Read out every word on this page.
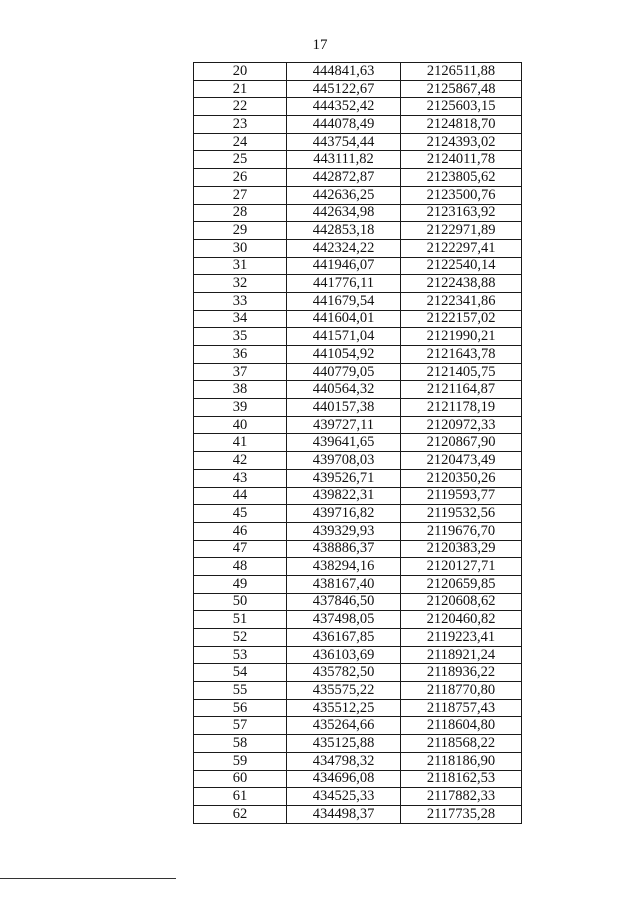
17
20	444841,63	2126511,88
21	445122,67	2125867,48
22	444352,42	2125603,15
23	444078,49	2124818,70
24	443754,44	2124393,02
25	443111,82	2124011,78
26	442872,87	2123805,62
27	442636,25	2123500,76
28	442634,98	2123163,92
29	442853,18	2122971,89
30	442324,22	2122297,41
31	441946,07	2122540,14
32	441776,11	2122438,88
33	441679,54	2122341,86
34	441604,01	2122157,02
35	441571,04	2121990,21
36	441054,92	2121643,78
37	440779,05	2121405,75
38	440564,32	2121164,87
39	440157,38	2121178,19
40	439727,11	2120972,33
41	439641,65	2120867,90
42	439708,03	2120473,49
43	439526,71	2120350,26
44	439822,31	2119593,77
45	439716,82	2119532,56
46	439329,93	2119676,70
47	438886,37	2120383,29
48	438294,16	2120127,71
49	438167,40	2120659,85
50	437846,50	2120608,62
51	437498,05	2120460,82
52	436167,85	2119223,41
53	436103,69	2118921,24
54	435782,50	2118936,22
55	435575,22	2118770,80
56	435512,25	2118757,43
57	435264,66	2118604,80
58	435125,88	2118568,22
59	434798,32	2118186,90
60	434696,08	2118162,53
61	434525,33	2117882,33
62	434498,37	2117735,28
